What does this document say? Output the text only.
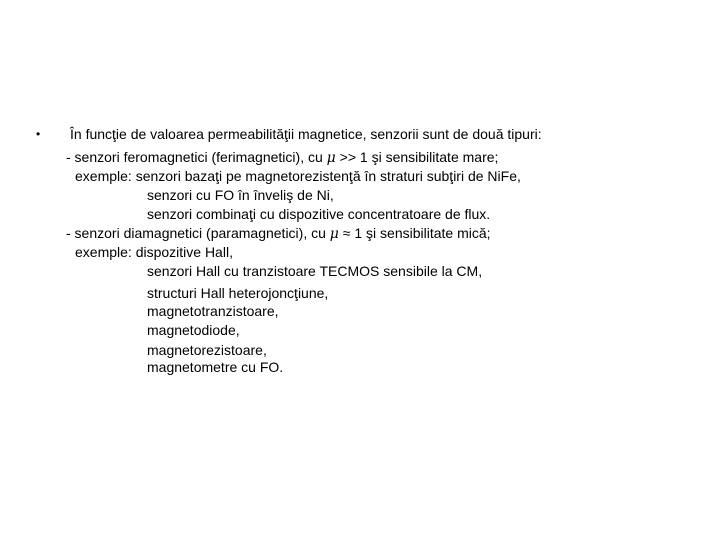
• În funcţie de valoarea permeabilităţii magnetice, senzorii sunt de două tipuri:
- senzori feromagnetici (ferimagnetici), cu μ >> 1 şi sensibilitate mare;
exemple: senzori bazaţi pe magnetorezistenţă în straturi subţiri de NiFe,
senzori cu FO în înveliş de Ni,
senzori combinaţi cu dispozitive concentratoare de flux.
- senzori diamagnetici (paramagnetici), cu μ ≈ 1 şi sensibilitate mică;
exemple: dispozitive Hall,
senzori Hall cu tranzistoare TECMOS sensibile la CM,
structuri Hall heterojoncţiune,
magnetotranzistoare,
magnetodiode,
magnetorezistoare,
magnetometre cu FO.
